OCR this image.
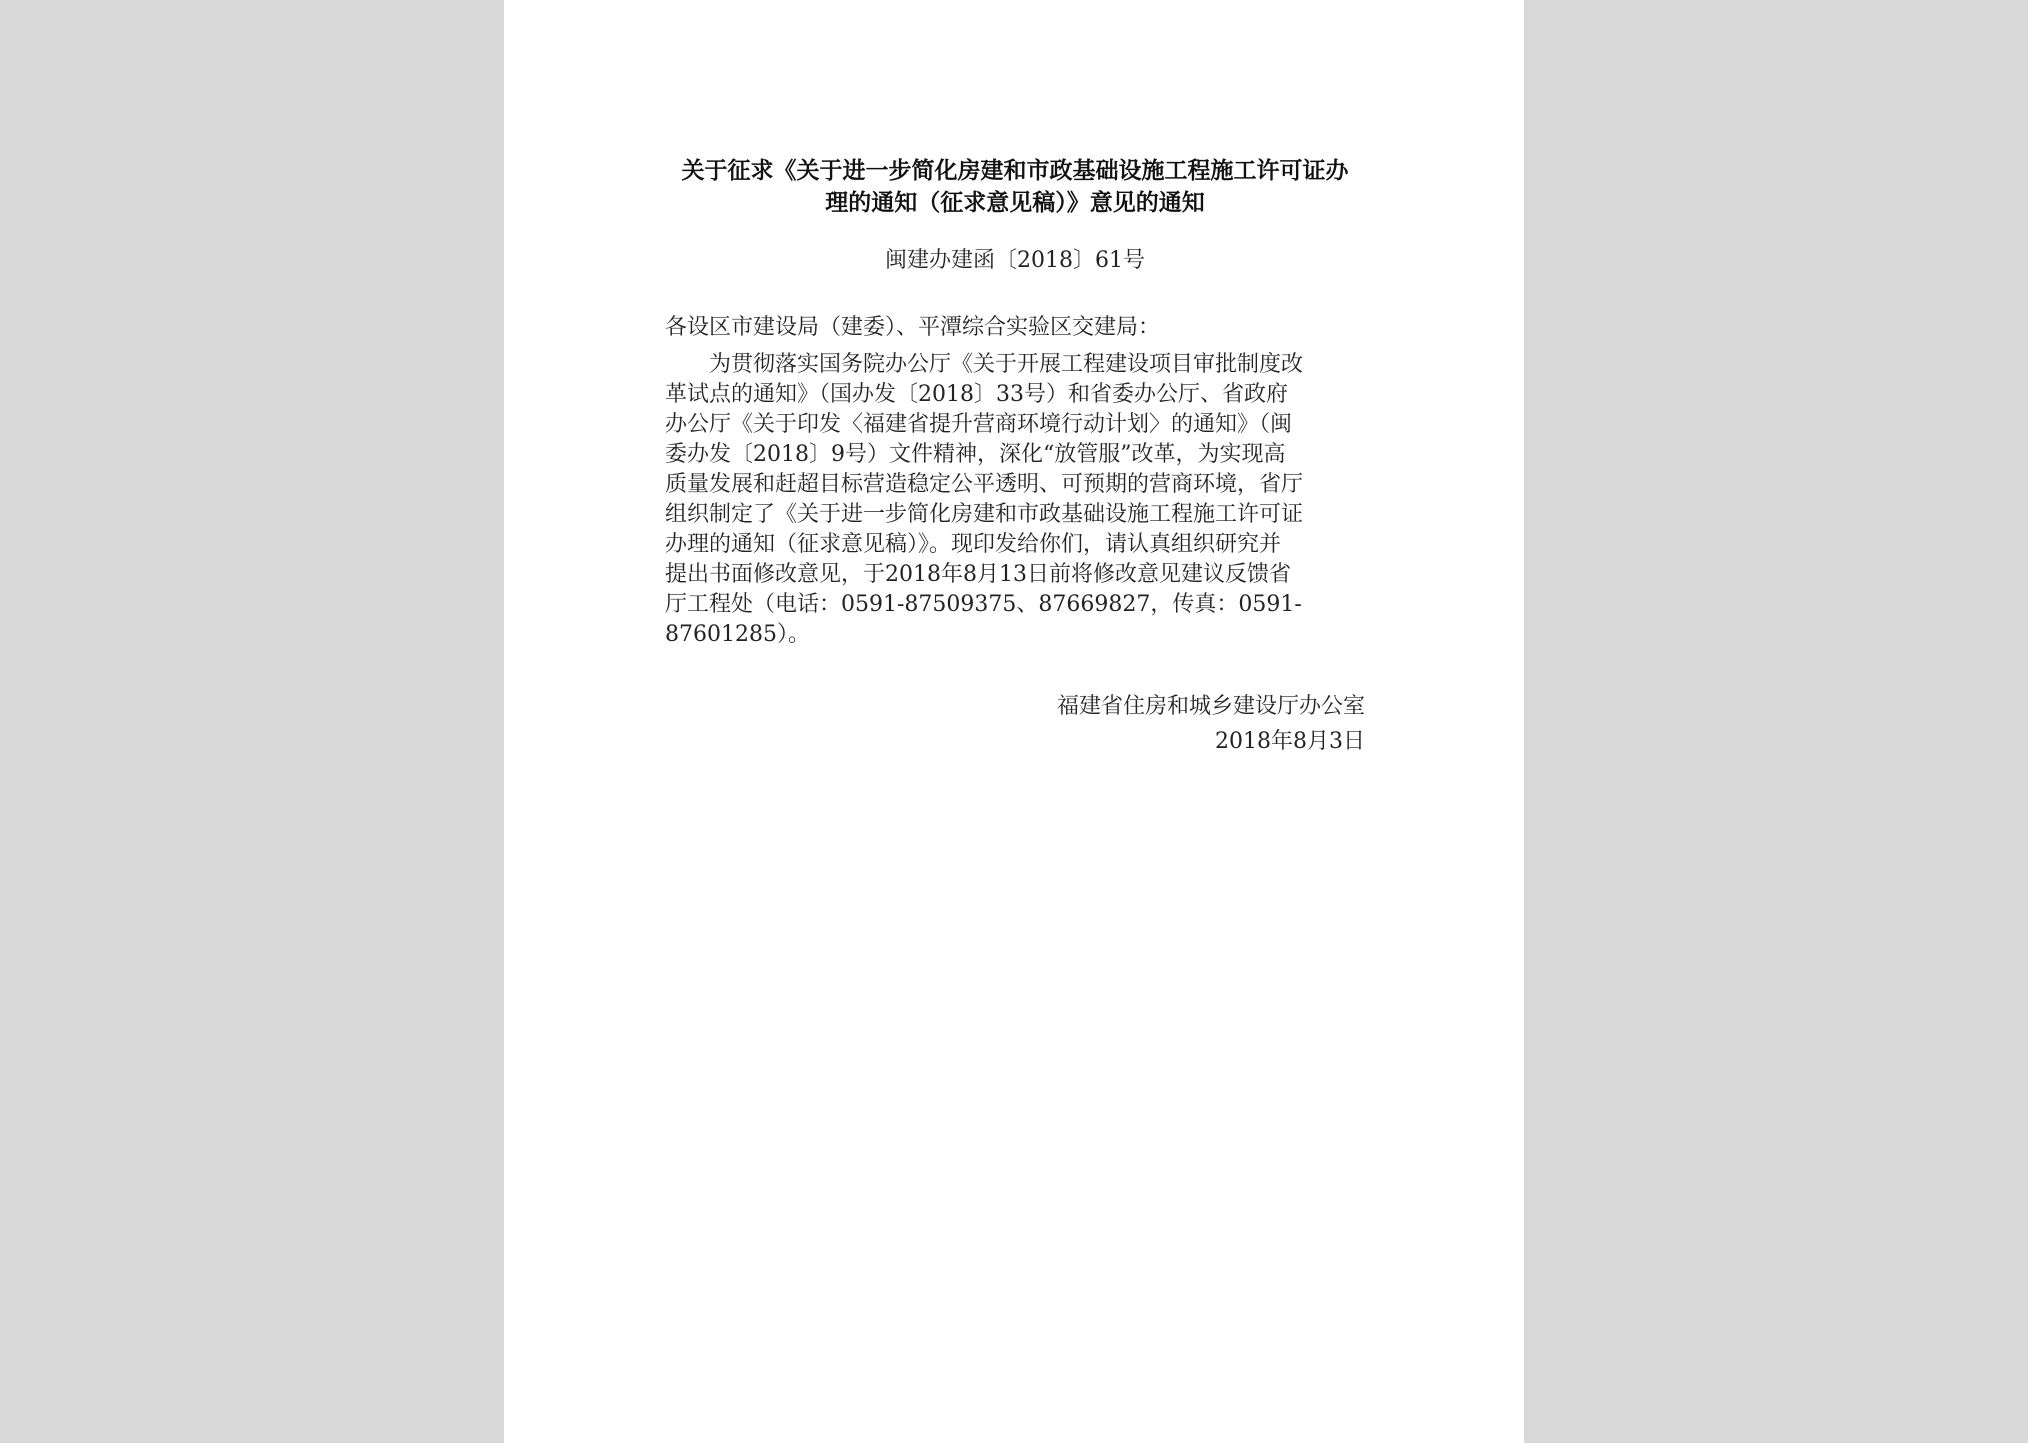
关于征求《关于进一步简化房建和市政基础设施工程施工许可证办
理的通知（征求意见稿）》意见的通知
闽建办建函〔2018〕61号
各设区市建设局（建委）、平潭综合实验区交建局：
为贯彻落实国务院办公厅《关于开展工程建设项目审批制度改
革试点的通知》（国办发〔2018〕33号）和省委办公厅、省政府
办公厅《关于印发〈福建省提升营商环境行动计划〉的通知》（闽
委办发〔2018〕9号）文件精神，深化“放管服”改革，为实现高
质量发展和赶超目标营造稳定公平透明、可预期的营商环境，省厅
组织制定了《关于进一步简化房建和市政基础设施工程施工许可证
办理的通知（征求意见稿）》。现印发给你们，请认真组织研究并
提出书面修改意见，于2018年8月13日前将修改意见建议反馈省
厅工程处（电话：0591-87509375、87669827，传真：0591-
87601285）。
福建省住房和城乡建设厅办公室
2018年8月3日
